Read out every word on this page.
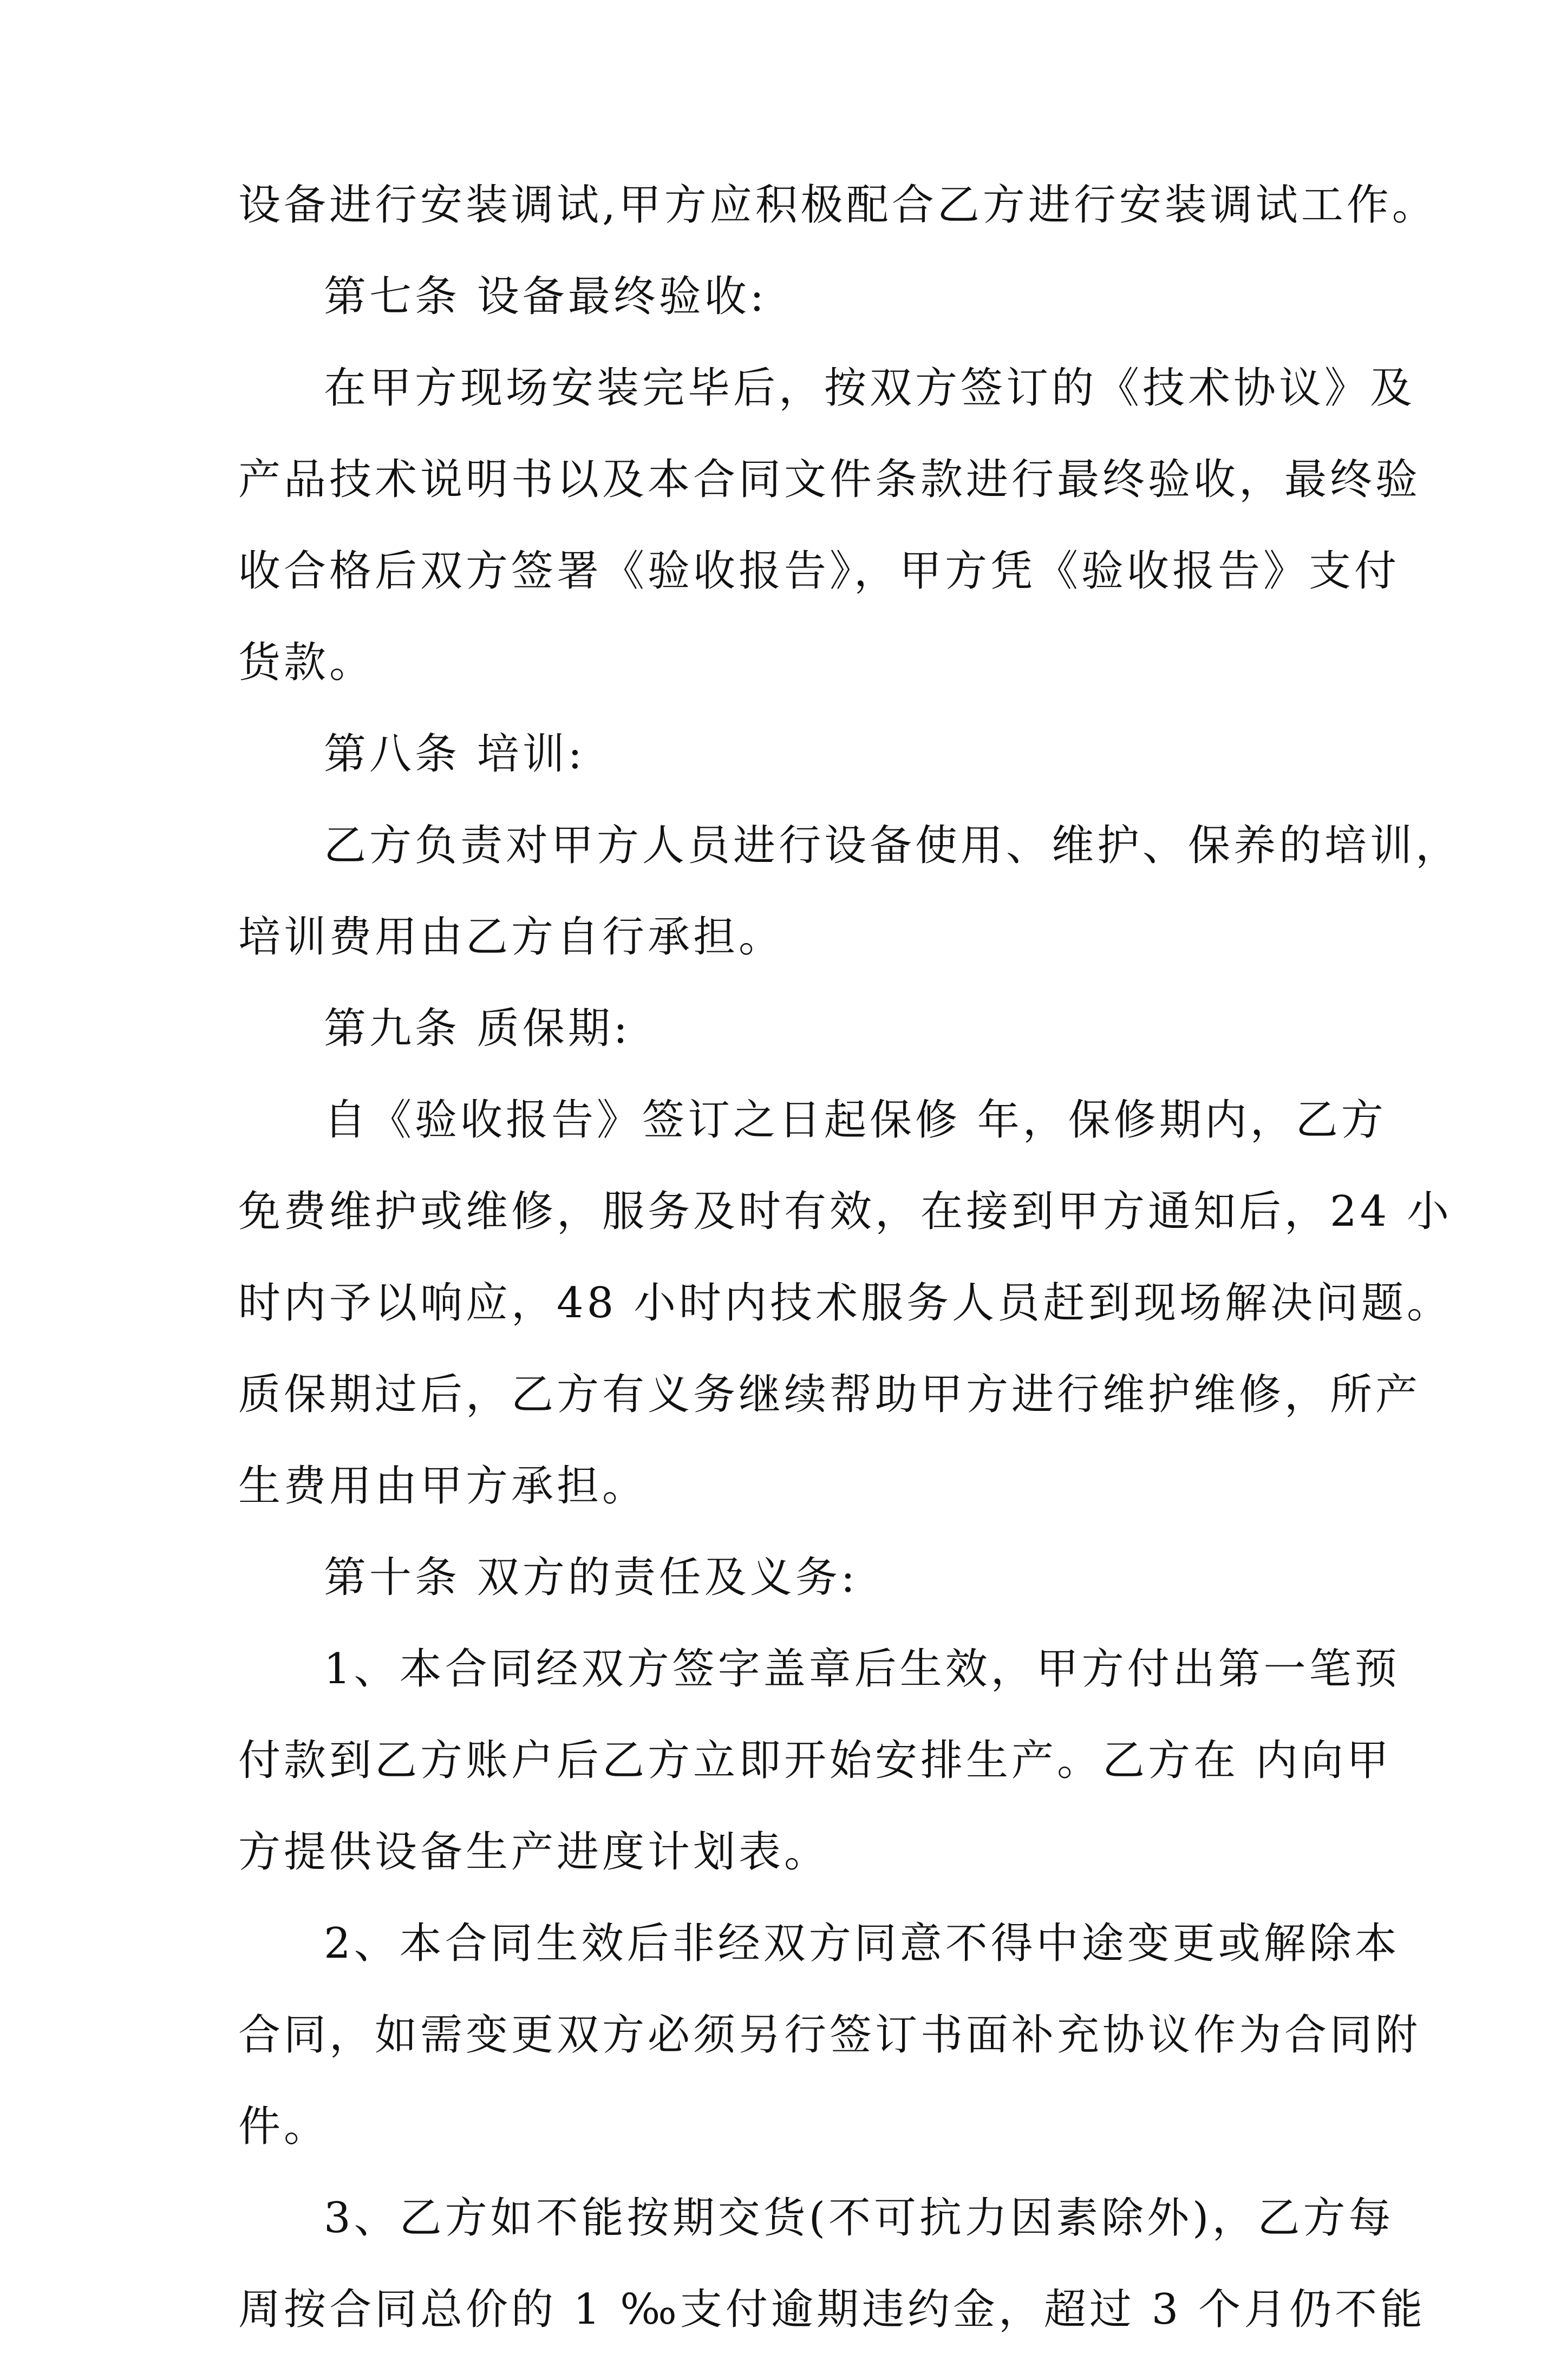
设备进行安装调试,甲方应积极配合乙方进行安装调试工作。
第七条 设备最终验收:
在甲方现场安装完毕后，按双方签订的《技术协议》及
产品技术说明书以及本合同文件条款进行最终验收，最终验
收合格后双方签署《验收报告》，甲方凭《验收报告》支付
货款。
第八条 培训:
乙方负责对甲方人员进行设备使用、维护、保养的培训，
培训费用由乙方自行承担。
第九条 质保期:
自《验收报告》签订之日起保修 年，保修期内，乙方
免费维护或维修，服务及时有效，在接到甲方通知后，24 小
时内予以响应，48 小时内技术服务人员赶到现场解决问题。
质保期过后，乙方有义务继续帮助甲方进行维护维修，所产
生费用由甲方承担。
第十条 双方的责任及义务:
1、本合同经双方签字盖章后生效，甲方付出第一笔预
付款到乙方账户后乙方立即开始安排生产。乙方在 内向甲
方提供设备生产进度计划表。
2、本合同生效后非经双方同意不得中途变更或解除本
合同，如需变更双方必须另行签订书面补充协议作为合同附
件。
3、乙方如不能按期交货(不可抗力因素除外)，乙方每
周按合同总价的 1 ‰支付逾期违约金，超过 3 个月仍不能
